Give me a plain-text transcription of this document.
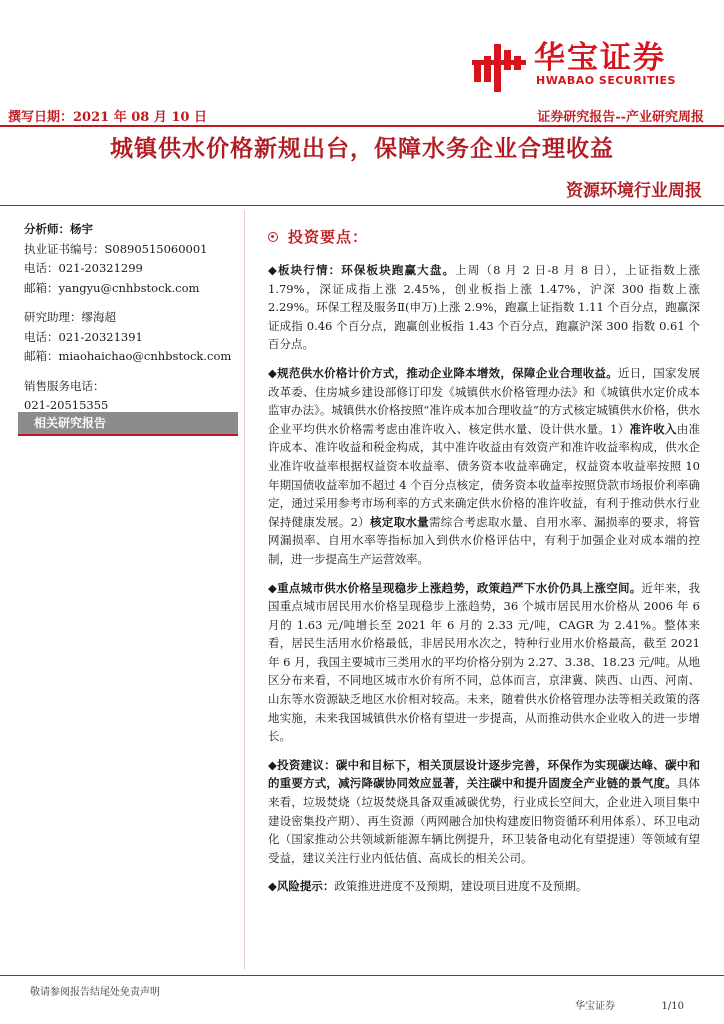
华宝证券
HWABAO SECURITIES
撰写日期：2021 年 08 月 10 日	证券研究报告--产业研究周报
城镇供水价格新规出台，保障水务企业合理收益
资源环境行业周报
分析师：杨宇
执业证书编号：S0890515060001
电话：021-20321299
邮箱：yangyu@cnhbstock.com
研究助理：缪海超
电话：021-20321391
邮箱：miaohaichao@cnhbstock.com
销售服务电话：
021-20515355
相关研究报告
投资要点：

◆板块行情：环保板块跑赢大盘。上周（8 月 2 日-8 月 8 日），上证指数上涨 1.79%，深证成指上涨 2.45%，创业板指上涨 1.47%，沪深 300 指数上涨 2.29%。环保工程及服务Ⅱ(申万)上涨 2.9%，跑赢上证指数 1.11 个百分点，跑赢深证成指 0.46 个百分点，跑赢创业板指 1.43 个百分点，跑赢沪深 300 指数 0.61 个百分点。

◆规范供水价格计价方式，推动企业降本增效，保障企业合理收益。近日，国家发展改革委、住房城乡建设部修订印发《城镇供水价格管理办法》和《城镇供水定价成本监审办法》。城镇供水价格按照“准许成本加合理收益”的方式核定城镇供水价格，供水企业平均供水价格需考虑由准许收入、核定供水量、设计供水量。1）准许收入由准许成本、准许收益和税金构成，其中准许收益由有效资产和准许收益率构成，供水企业准许收益率根据权益资本收益率、债务资本收益率确定，权益资本收益率按照 10 年期国债收益率加不超过 4 个百分点核定，债务资本收益率按照贷款市场报价利率确定，通过采用参考市场利率的方式来确定供水价格的准许收益，有利于推动供水行业保持健康发展。2）核定取水量需综合考虑取水量、自用水率、漏损率的要求，将管网漏损率、自用水率等指标加入到供水价格评估中，有利于加强企业对成本端的控制，进一步提高生产运营效率。

◆重点城市供水价格呈现稳步上涨趋势，政策趋严下水价仍具上涨空间。近年来，我国重点城市居民用水价格呈现稳步上涨趋势，36 个城市居民用水价格从 2006 年 6 月的 1.63 元/吨增长至 2021 年 6 月的 2.33 元/吨，CAGR 为 2.41%。整体来看，居民生活用水价格最低，非居民用水次之，特种行业用水价格最高，截至 2021 年 6 月，我国主要城市三类用水的平均价格分别为 2.27、3.38、18.23 元/吨。从地区分布来看，不同地区城市水价有所不同，总体而言，京津冀、陕西、山西、河南、山东等水资源缺乏地区水价相对较高。未来，随着供水价格管理办法等相关政策的落地实施，未来我国城镇供水价格有望进一步提高，从而推动供水企业收入的进一步增长。

◆投资建议：碳中和目标下，相关顶层设计逐步完善，环保作为实现碳达峰、碳中和的重要方式，减污降碳协同效应显著，关注碳中和提升固废全产业链的景气度。具体来看，垃圾焚烧（垃圾焚烧具备双重减碳优势，行业成长空间大，企业进入项目集中建设密集投产期）、再生资源（两网融合加快构建废旧物资循环利用体系）、环卫电动化（国家推动公共领域新能源车辆比例提升，环卫装备电动化有望提速）等领域有望受益，建议关注行业内低估值、高成长的相关公司。

◆风险提示：政策推进进度不及预期，建设项目进度不及预期。

敬请参阅报告结尾处免责声明
华宝证券	1/10
